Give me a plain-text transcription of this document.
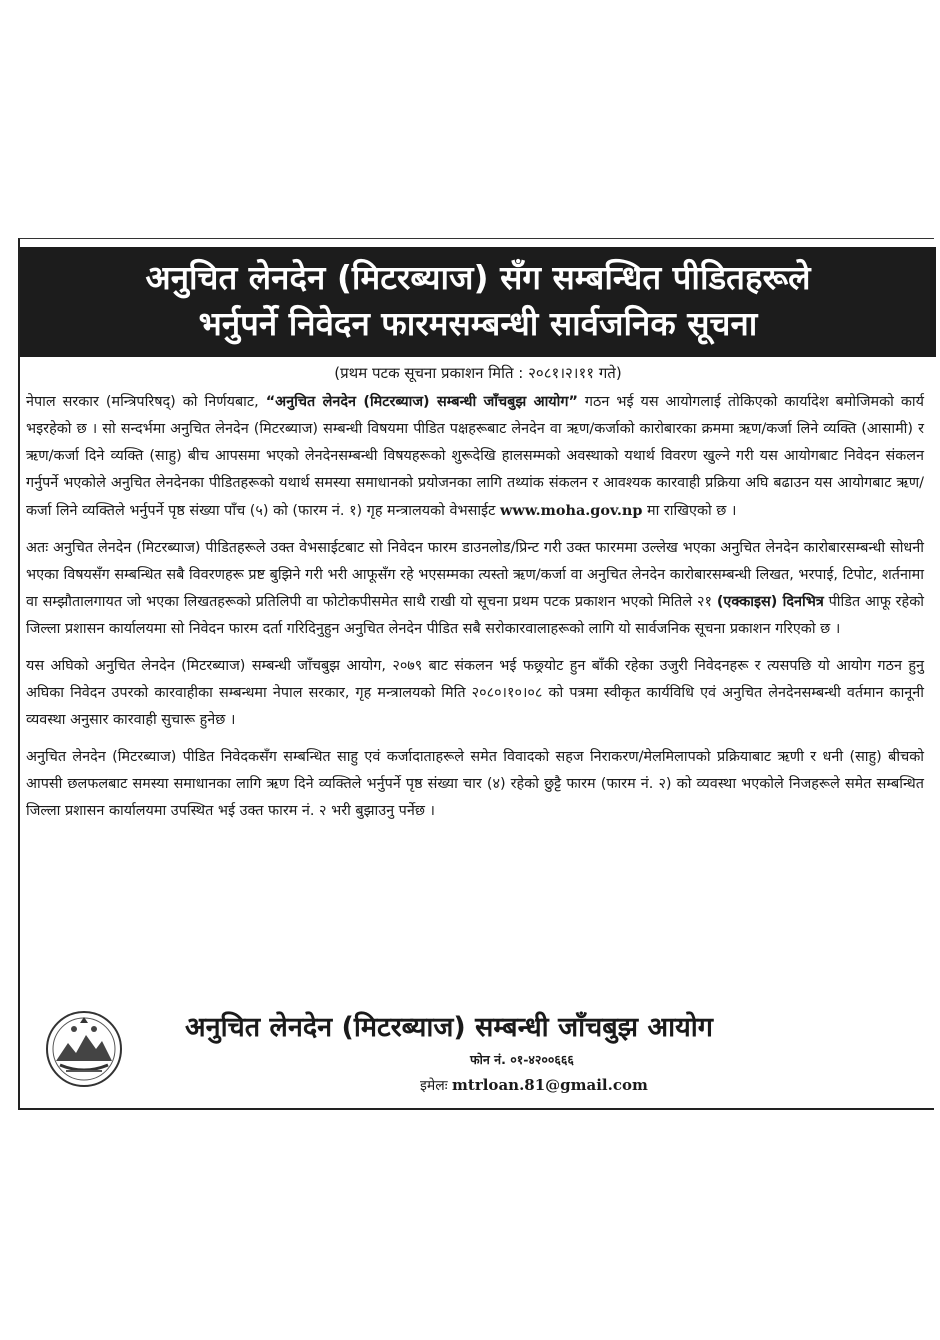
अनुचित लेनदेन (मिटरब्याज) सँग सम्बन्धित पीडितहरूले
भर्नुपर्ने निवेदन फारमसम्बन्धी सार्वजनिक सूचना
(प्रथम पटक सूचना प्रकाशन मिति : २०८१।२।११ गते)

नेपाल सरकार (मन्त्रिपरिषद्) को निर्णयबाट, “अनुचित लेनदेन (मिटरब्याज) सम्बन्धी जाँचबुझ आयोग” गठन भई यस आयोगलाई तोकिएको कार्यादेश बमोजिमको कार्य भइरहेको छ । सो सन्दर्भमा अनुचित लेनदेन (मिटरब्याज) सम्बन्धी विषयमा पीडित पक्षहरूबाट लेनदेन वा ऋण/कर्जाको कारोबारका क्रममा ऋण/कर्जा लिने व्यक्ति (आसामी) र ऋण/कर्जा दिने व्यक्ति (साहु) बीच आपसमा भएको लेनदेनसम्बन्धी विषयहरूको शुरूदेखि हालसम्मको अवस्थाको यथार्थ विवरण खुल्ने गरी यस आयोगबाट निवेदन संकलन गर्नुपर्ने भएकोले अनुचित लेनदेनका पीडितहरूको यथार्थ समस्या समाधानको प्रयोजनका लागि तथ्यांक संकलन र आवश्यक कारवाही प्रक्रिया अघि बढाउन यस आयोगबाट ऋण/कर्जा लिने व्यक्तिले भर्नुपर्ने पृष्ठ संख्या पाँच (५) को (फारम नं. १) गृह मन्त्रालयको वेभसाईट www.moha.gov.np मा राखिएको छ ।

अतः अनुचित लेनदेन (मिटरब्याज) पीडितहरूले उक्त वेभसाईटबाट सो निवेदन फारम डाउनलोड/प्रिन्ट गरी उक्त फारममा उल्लेख भएका अनुचित लेनदेन कारोबारसम्बन्धी सोधनी भएका विषयसँग सम्बन्धित सबै विवरणहरू प्रष्ट बुझिने गरी भरी आफूसँग रहे भएसम्मका त्यस्तो ऋण/कर्जा वा अनुचित लेनदेन कारोबारसम्बन्धी लिखत, भरपाई, टिपोट, शर्तनामा वा सम्झौतालगायत जो भएका लिखतहरूको प्रतिलिपी वा फोटोकपीसमेत साथै राखी यो सूचना प्रथम पटक प्रकाशन भएको मितिले २१ (एक्काइस) दिनभित्र पीडित आफू रहेको जिल्ला प्रशासन कार्यालयमा सो निवेदन फारम दर्ता गरिदिनुहुन अनुचित लेनदेन पीडित सबै सरोकारवालाहरूको लागि यो सार्वजनिक सूचना प्रकाशन गरिएको छ ।

यस अघिको अनुचित लेनदेन (मिटरब्याज) सम्बन्धी जाँचबुझ आयोग, २०७९ बाट संकलन भई फछ्र्योट हुन बाँकी रहेका उजुरी निवेदनहरू र त्यसपछि यो आयोग गठन हुनु अघिका निवेदन उपरको कारवाहीका सम्बन्धमा नेपाल सरकार, गृह मन्त्रालयको मिति २०८०।१०।०८ को पत्रमा स्वीकृत कार्यविधि एवं अनुचित लेनदेनसम्बन्धी वर्तमान कानूनी व्यवस्था अनुसार कारवाही सुचारू हुनेछ ।

अनुचित लेनदेन (मिटरब्याज) पीडित निवेदकसँग सम्बन्धित साहु एवं कर्जादाताहरूले समेत विवादको सहज निराकरण/मेलमिलापको प्रक्रियाबाट ऋणी र धनी (साहु) बीचको आपसी छलफलबाट समस्या समाधानका लागि ऋण दिने व्यक्तिले भर्नुपर्ने पृष्ठ संख्या चार (४) रहेको छुट्टै फारम (फारम नं. २) को व्यवस्था भएकोले निजहरूले समेत सम्बन्धित जिल्ला प्रशासन कार्यालयमा उपस्थित भई उक्त फारम नं. २ भरी बुझाउनु पर्नेछ ।

अनुचित लेनदेन (मिटरब्याज) सम्बन्धी जाँचबुझ आयोग
फोन नं. ०१-४२००६६६
इमेलः mtrloan.81@gmail.com
